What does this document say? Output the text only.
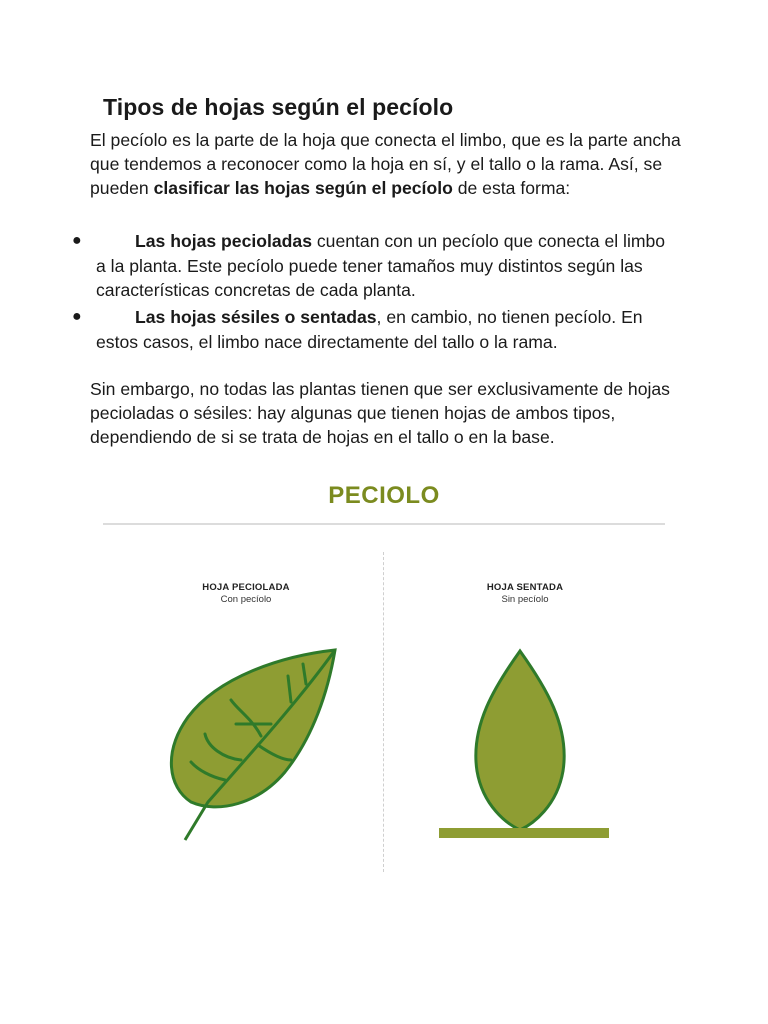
Tipos de hojas según el pecíolo
El pecíolo es la parte de la hoja que conecta el limbo, que es la parte ancha que tendemos a reconocer como la hoja en sí, y el tallo o la rama. Así, se pueden clasificar las hojas según el pecíolo de esta forma:
●	Las hojas pecioladas cuentan con un pecíolo que conecta el limbo a la planta. Este pecíolo puede tener tamaños muy distintos según las características concretas de cada planta.
●	Las hojas sésiles o sentadas, en cambio, no tienen pecíolo. En estos casos, el limbo nace directamente del tallo o la rama.
Sin embargo, no todas las plantas tienen que ser exclusivamente de hojas pecioladas o sésiles: hay algunas que tienen hojas de ambos tipos, dependiendo de si se trata de hojas en el tallo o en la base.
PECIOLO
HOJA PECIOLADA
Con pecíolo
HOJA SENTADA
Sin pecíolo
